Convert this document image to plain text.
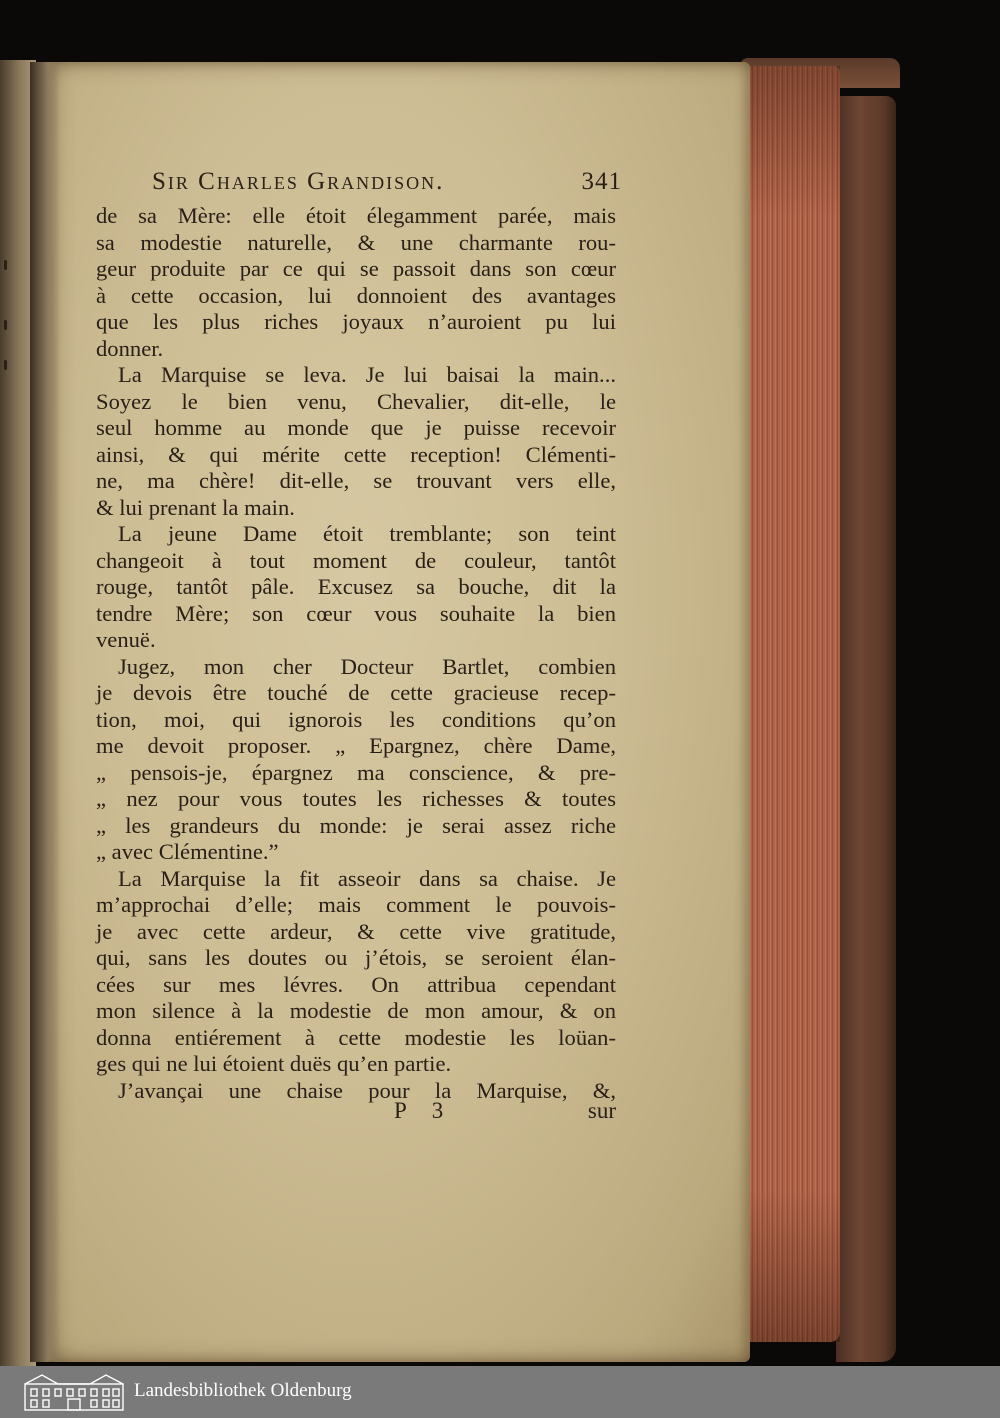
Sir Charles Grandison.	341
de sa Mère: elle étoit élegamment parée, mais
sa modestie naturelle, & une charmante rou-
geur produite par ce qui se passoit dans son cœur
à cette occasion, lui donnoient des avantages
que les plus riches joyaux n’auroient pu lui
donner.
La Marquise se leva. Je lui baisai la main...
Soyez le bien venu, Chevalier, dit-elle, le
seul homme au monde que je puisse recevoir
ainsi, & qui mérite cette reception! Clémenti-
ne, ma chère! dit-elle, se trouvant vers elle,
& lui prenant la main.
La jeune Dame étoit tremblante; son teint
changeoit à tout moment de couleur, tantôt
rouge, tantôt pâle. Excusez sa bouche, dit la
tendre Mère; son cœur vous souhaite la bien
venuë.
Jugez, mon cher Docteur Bartlet, combien
je devois être touché de cette gracieuse recep-
tion, moi, qui ignorois les conditions qu’on
me devoit proposer. „ Epargnez, chère Dame,
„ pensois-je, épargnez ma conscience, & pre-
„ nez pour vous toutes les richesses & toutes
„ les grandeurs du monde: je serai assez riche
„ avec Clémentine.”
La Marquise la fit asseoir dans sa chaise. Je
m’approchai d’elle; mais comment le pouvois-
je avec cette ardeur, & cette vive gratitude,
qui, sans les doutes ou j’étois, se seroient élan-
cées sur mes lévres. On attribua cependant
mon silence à la modestie de mon amour, & on
donna entiérement à cette modestie les loüan-
ges qui ne lui étoient duës qu’en partie.
J’avançai une chaise pour la Marquise, &,
P 3	sur
Landesbibliothek Oldenburg
